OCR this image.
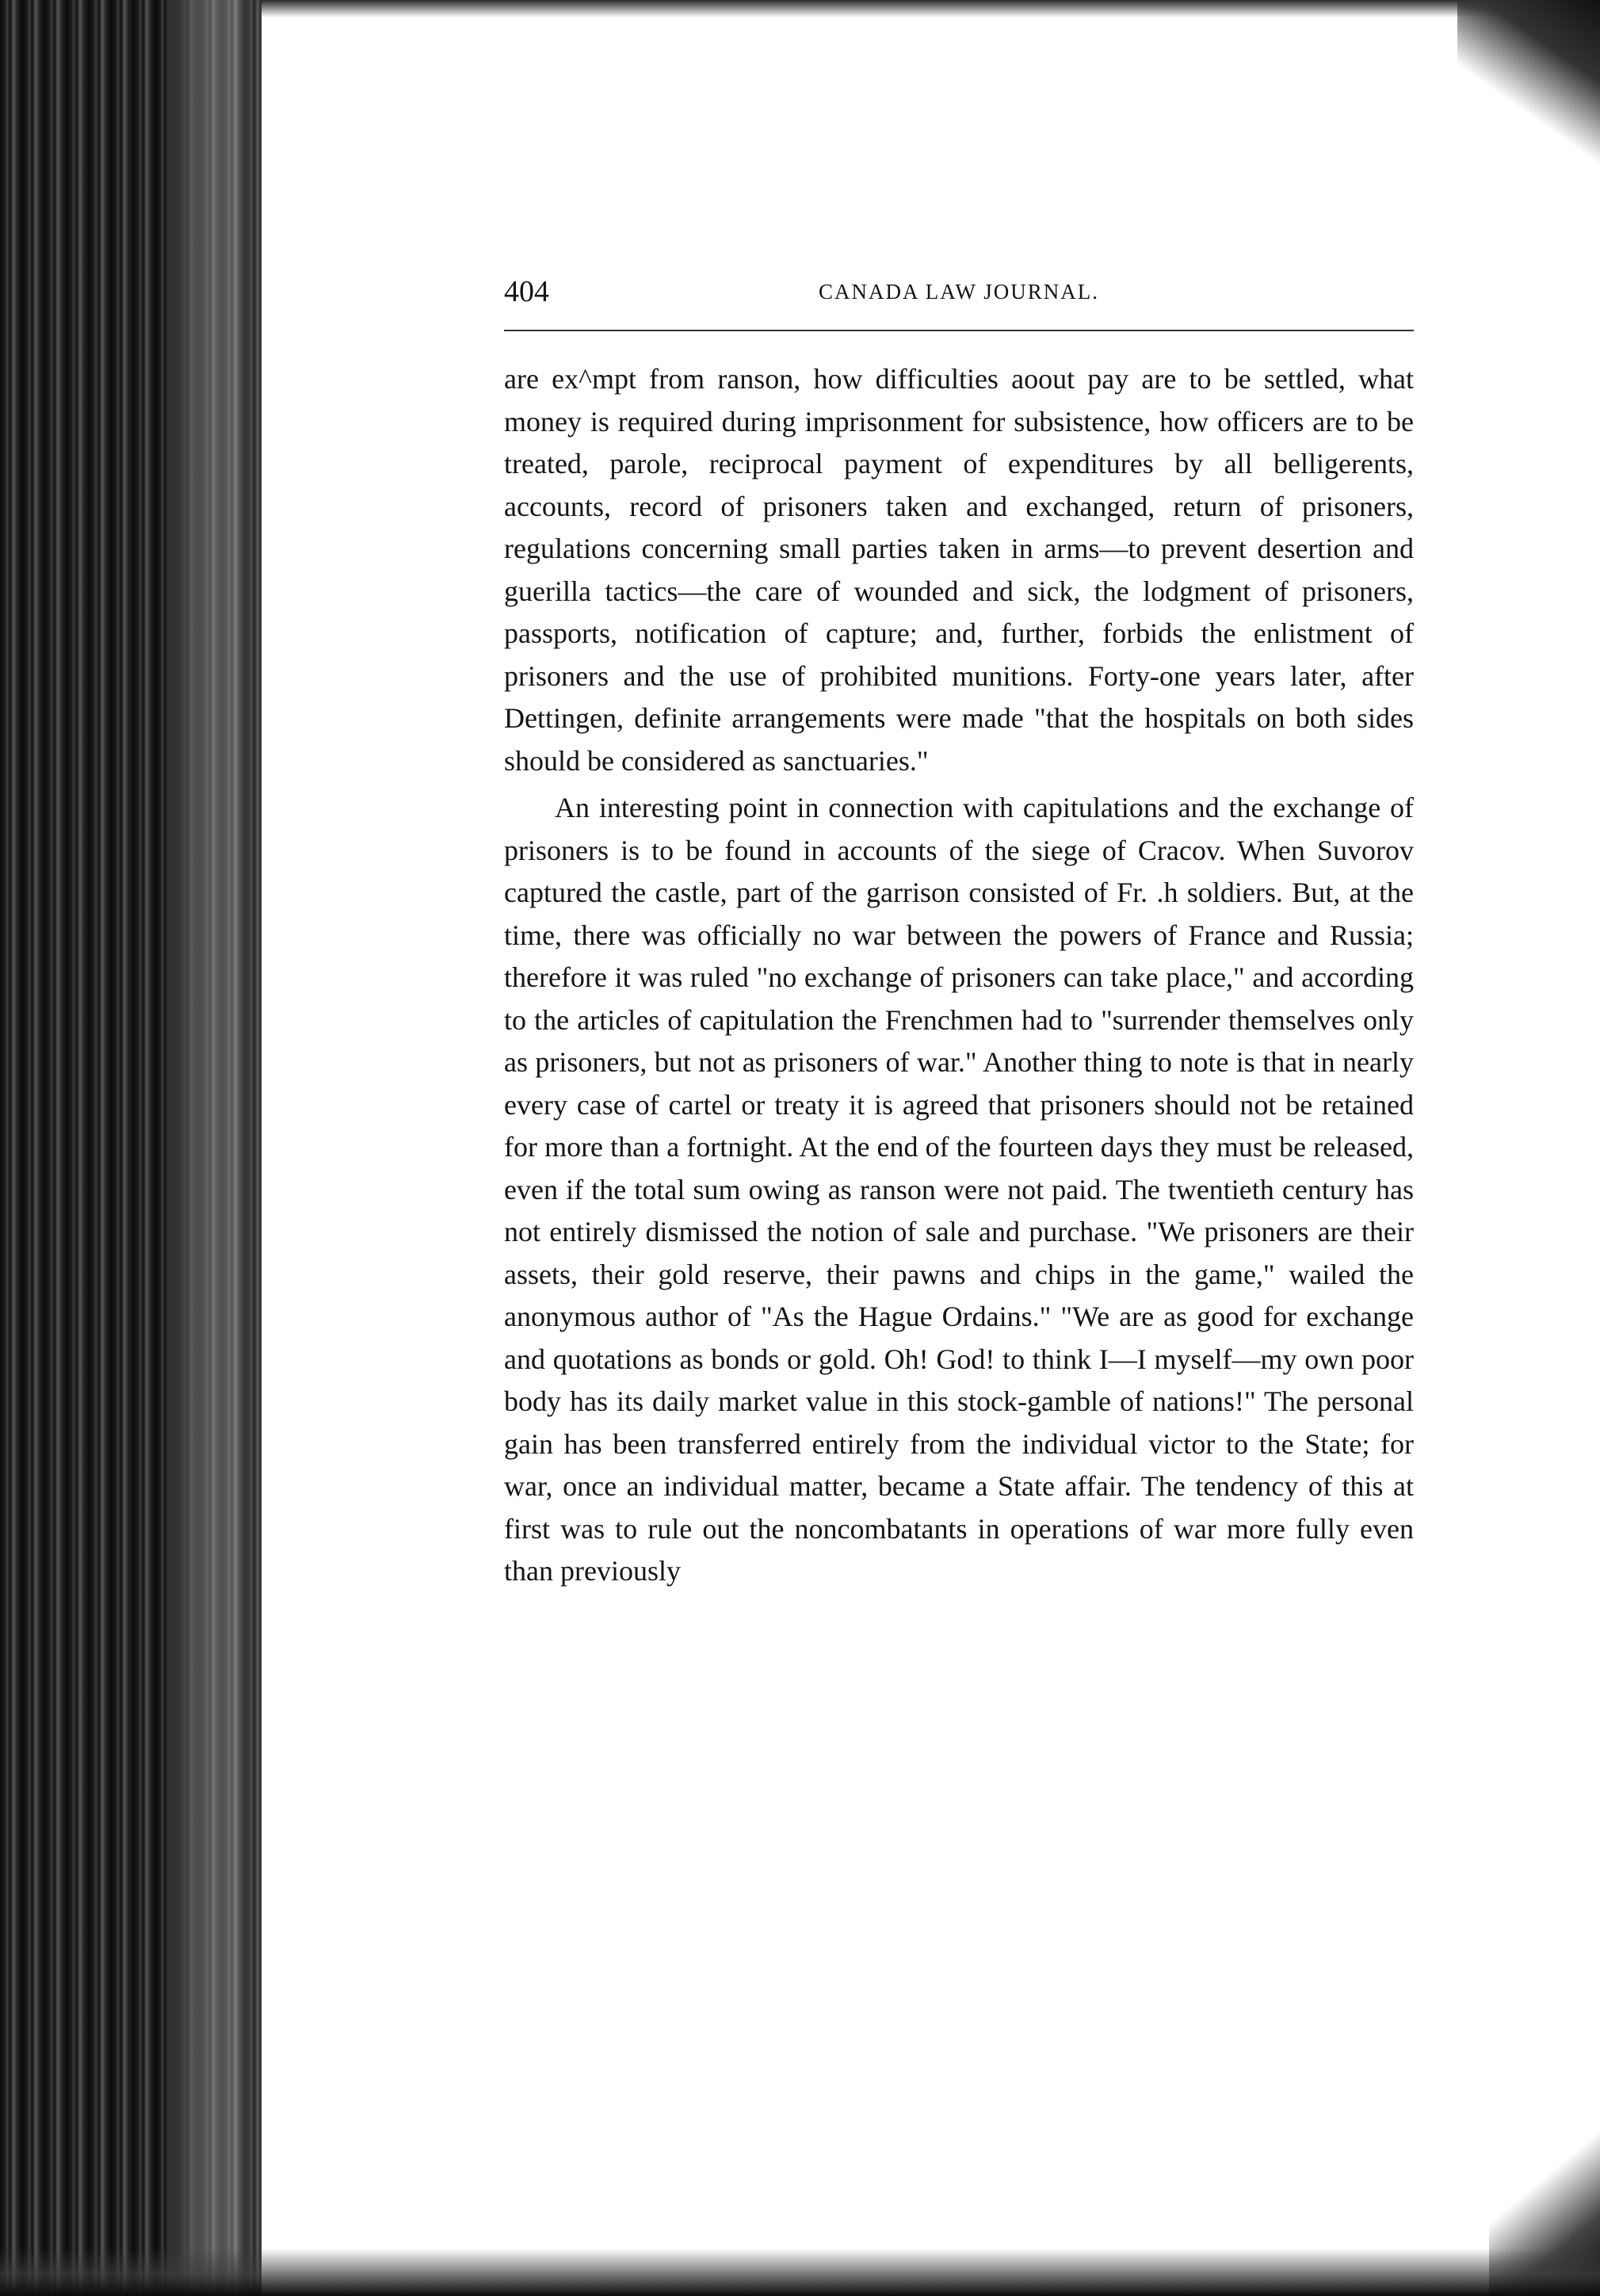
CANADA LAW JOURNAL.
404

are ex^mpt from ranson, how difficulties aoout pay are to be settled, what money is required during imprisonment for subsistence, how officers are to be treated, parole, reciprocal payment of expenditures by all belligerents, accounts, record of prisoners taken and exchanged, return of prisoners, regulations concerning small parties taken in arms—to prevent desertion and guerilla tactics—the care of wounded and sick, the lodgment of prisoners, passports, notification of capture; and, further, forbids the enlistment of prisoners and the use of prohibited munitions. Forty-one years later, after Dettingen, definite arrangements were made "that the hospitals on both sides should be considered as sanctuaries."

An interesting point in connection with capitulations and the exchange of prisoners is to be found in accounts of the siege of Cracov. When Suvorov captured the castle, part of the garrison consisted of Fr. .h soldiers. But, at the time, there was officially no war between the powers of France and Russia; therefore it was ruled "no exchange of prisoners can take place," and according to the articles of capitulation the Frenchmen had to "surrender themselves only as prisoners, but not as prisoners of war." Another thing to note is that in nearly every case of cartel or treaty it is agreed that prisoners should not be retained for more than a fortnight. At the end of the fourteen days they must be released, even if the total sum owing as ranson were not paid. The twentieth century has not entirely dismissed the notion of sale and purchase. "We prisoners are their assets, their gold reserve, their pawns and chips in the game," wailed the anonymous author of "As the Hague Ordains." "We are as good for exchange and quotations as bonds or gold. Oh! God! to think I—I myself—my own poor body has its daily market value in this stock-gamble of nations!" The personal gain has been transferred entirely from the individual victor to the State; for war, once an individual matter, became a State affair. The tendency of this at first was to rule out the noncombatants in operations of war more fully even than previously
